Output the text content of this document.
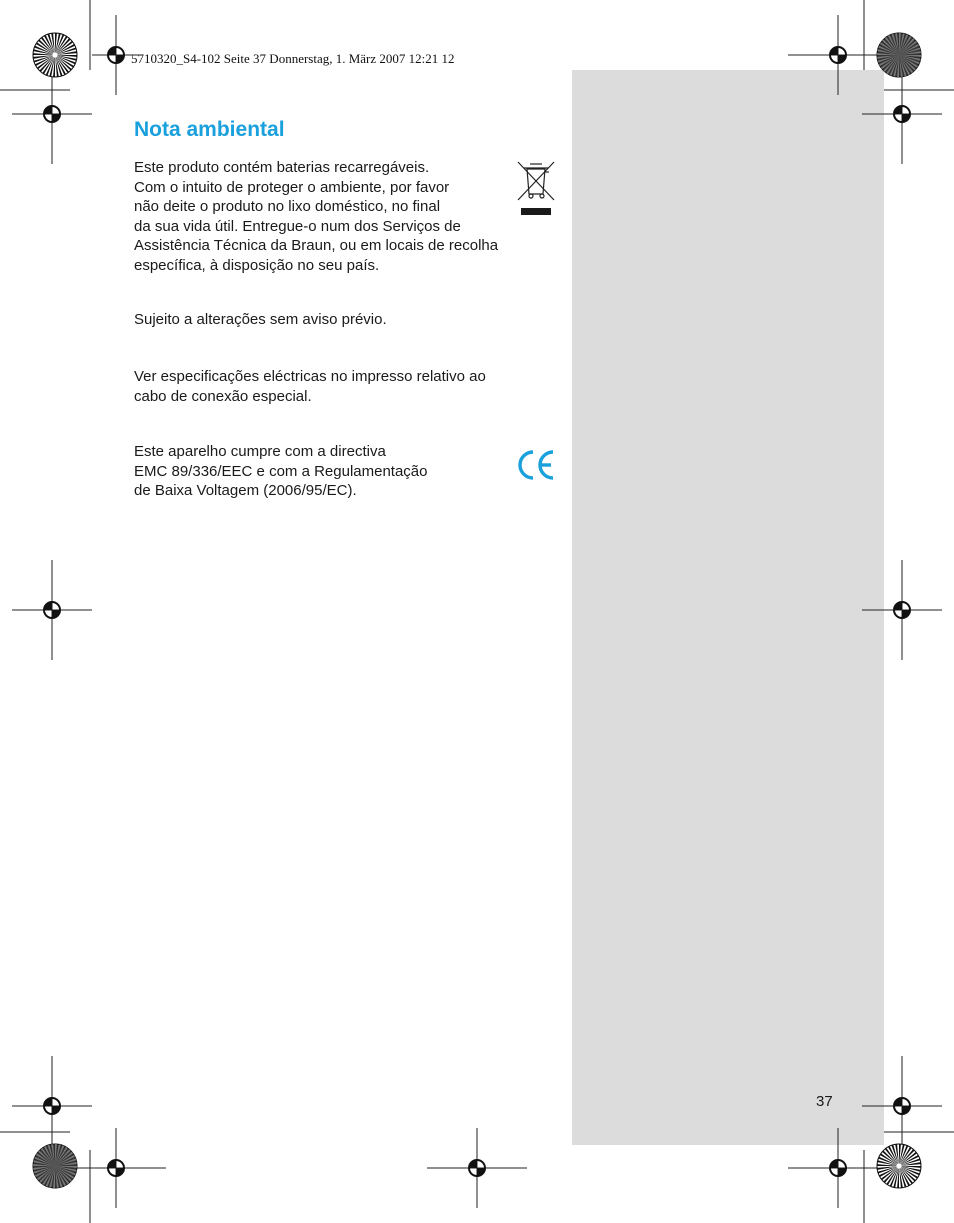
5710320_S4-102 Seite 37 Donnerstag, 1. März 2007 12:21 12
Nota ambiental
Este produto contém baterias recarregáveis.
Com o intuito de proteger o ambiente, por favor
não deite o produto no lixo doméstico, no final
da sua vida útil. Entregue-o num dos Serviços de
Assistência Técnica da Braun, ou em locais de recolha
específica, à disposição no seu país.
Sujeito a alterações sem aviso prévio.
Ver especificações eléctricas no impresso relativo ao
cabo de conexão especial.
Este aparelho cumpre com a directiva
EMC 89/336/EEC e com a Regulamentação
de Baixa Voltagem (2006/95/EC).
37
